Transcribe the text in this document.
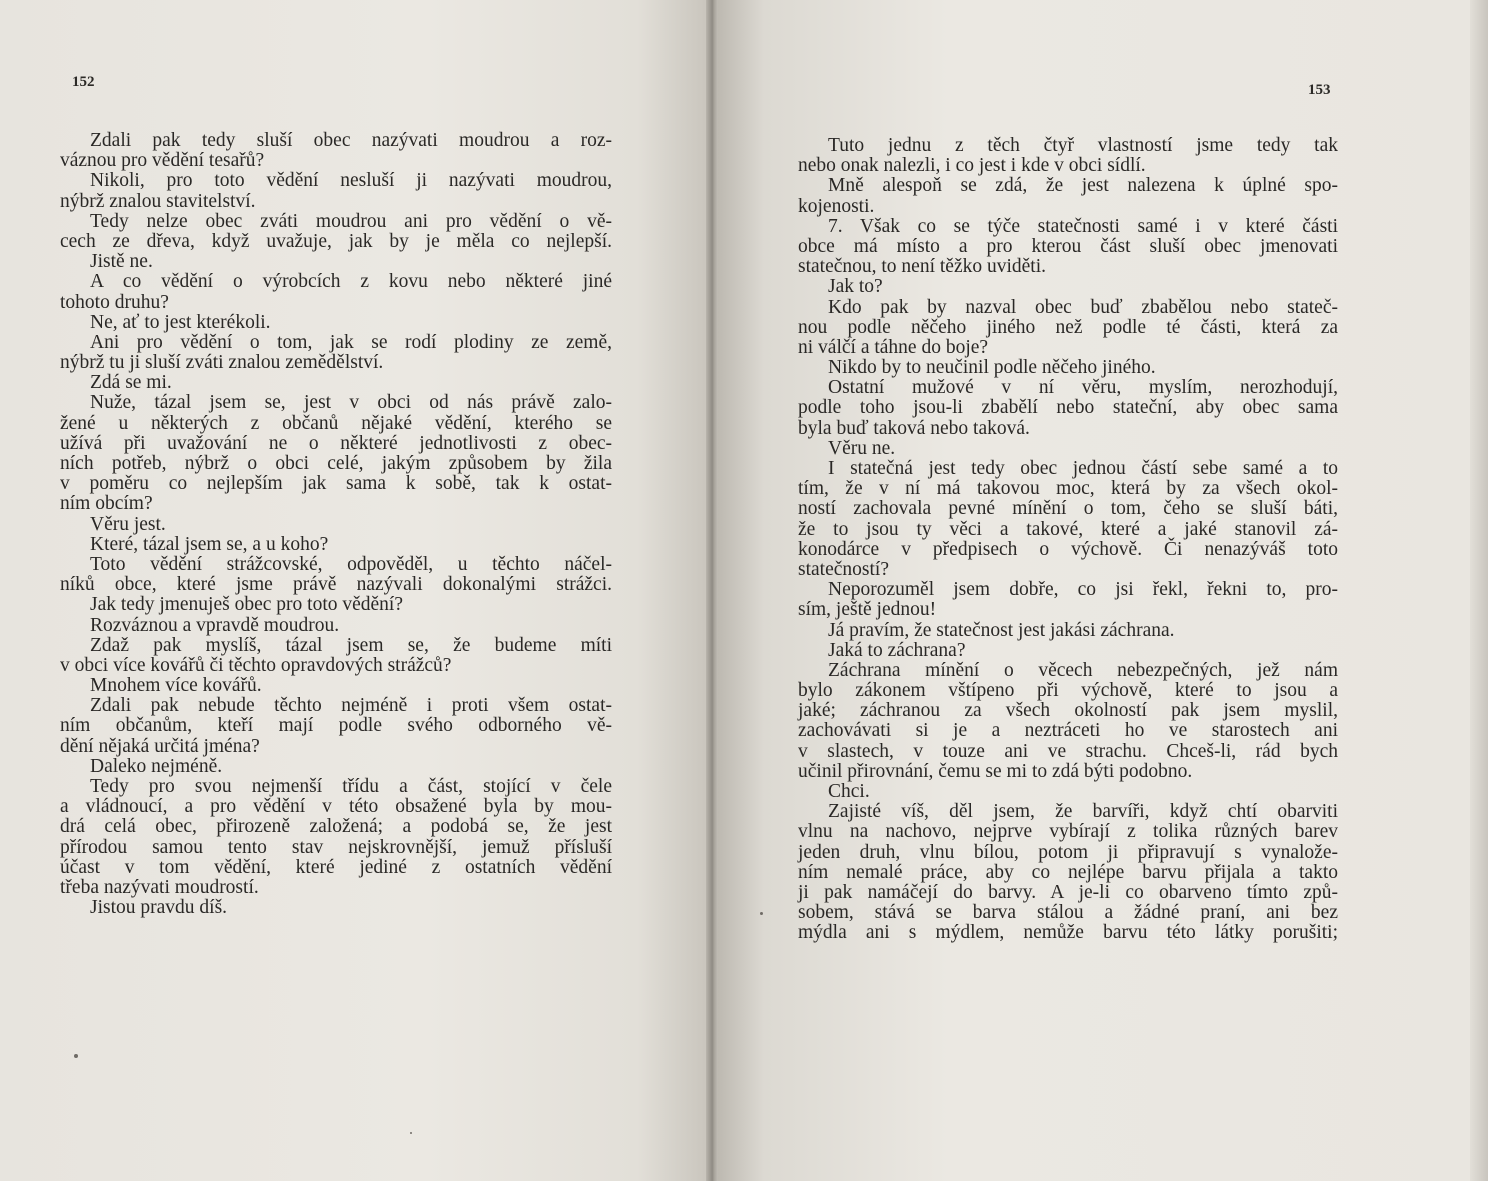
152
Zdali pak tedy sluší obec nazývati moudrou a roz-
váznou pro vědění tesařů?
Nikoli, pro toto vědění nesluší ji nazývati moudrou,
nýbrž znalou stavitelství.
Tedy nelze obec zváti moudrou ani pro vědění o vě-
cech ze dřeva, když uvažuje, jak by je měla co nejlepší.
Jistě ne.
A co vědění o výrobcích z kovu nebo některé jiné
tohoto druhu?
Ne, ať to jest kterékoli.
Ani pro vědění o tom, jak se rodí plodiny ze země,
nýbrž tu ji sluší zváti znalou zemědělství.
Zdá se mi.
Nuže, tázal jsem se, jest v obci od nás právě zalo-
žené u některých z občanů nějaké vědění, kterého se
užívá při uvažování ne o některé jednotlivosti z obec-
ních potřeb, nýbrž o obci celé, jakým způsobem by žila
v poměru co nejlepším jak sama k sobě, tak k ostat-
ním obcím?
Věru jest.
Které, tázal jsem se, a u koho?
Toto vědění strážcovské, odpověděl, u těchto náčel-
níků obce, které jsme právě nazývali dokonalými strážci.
Jak tedy jmenuješ obec pro toto vědění?
Rozváznou a vpravdě moudrou.
Zdaž pak myslíš, tázal jsem se, že budeme míti
v obci více kovářů či těchto opravdových strážců?
Mnohem více kovářů.
Zdali pak nebude těchto nejméně i proti všem ostat-
ním občanům, kteří mají podle svého odborného vě-
dění nějaká určitá jména?
Daleko nejméně.
Tedy pro svou nejmenší třídu a část, stojící v čele
a vládnoucí, a pro vědění v této obsažené byla by mou-
drá celá obec, přirozeně založená; a podobá se, že jest
přírodou samou tento stav nejskrovnější, jemuž přísluší
účast v tom vědění, které jediné z ostatních vědění
třeba nazývati moudrostí.
Jistou pravdu díš.
153
Tuto jednu z těch čtyř vlastností jsme tedy tak
nebo onak nalezli, i co jest i kde v obci sídlí.
Mně alespoň se zdá, že jest nalezena k úplné spo-
kojenosti.
7. Však co se týče statečnosti samé i v které části
obce má místo a pro kterou část sluší obec jmenovati
statečnou, to není těžko uviděti.
Jak to?
Kdo pak by nazval obec buď zbabělou nebo stateč-
nou podle něčeho jiného než podle té části, která za
ni válčí a táhne do boje?
Nikdo by to neučinil podle něčeho jiného.
Ostatní mužové v ní věru, myslím, nerozhodují,
podle toho jsou-li zbabělí nebo stateční, aby obec sama
byla buď taková nebo taková.
Věru ne.
I statečná jest tedy obec jednou částí sebe samé a to
tím, že v ní má takovou moc, která by za všech okol-
ností zachovala pevné mínění o tom, čeho se sluší báti,
že to jsou ty věci a takové, které a jaké stanovil zá-
konodárce v předpisech o výchově. Či nenazýváš toto
statečností?
Neporozuměl jsem dobře, co jsi řekl, řekni to, pro-
sím, ještě jednou!
Já pravím, že statečnost jest jakási záchrana.
Jaká to záchrana?
Záchrana mínění o věcech nebezpečných, jež nám
bylo zákonem vštípeno při výchově, které to jsou a
jaké; záchranou za všech okolností pak jsem myslil,
zachovávati si je a neztráceti ho ve starostech ani
v slastech, v touze ani ve strachu. Chceš-li, rád bych
učinil přirovnání, čemu se mi to zdá býti podobno.
Chci.
Zajisté víš, děl jsem, že barvíři, když chtí obarviti
vlnu na nachovo, nejprve vybírají z tolika různých barev
jeden druh, vlnu bílou, potom ji připravují s vynalože-
ním nemalé práce, aby co nejlépe barvu přijala a takto
ji pak namáčejí do barvy. A je-li co obarveno tímto způ-
sobem, stává se barva stálou a žádné praní, ani bez
mýdla ani s mýdlem, nemůže barvu této látky porušiti;
